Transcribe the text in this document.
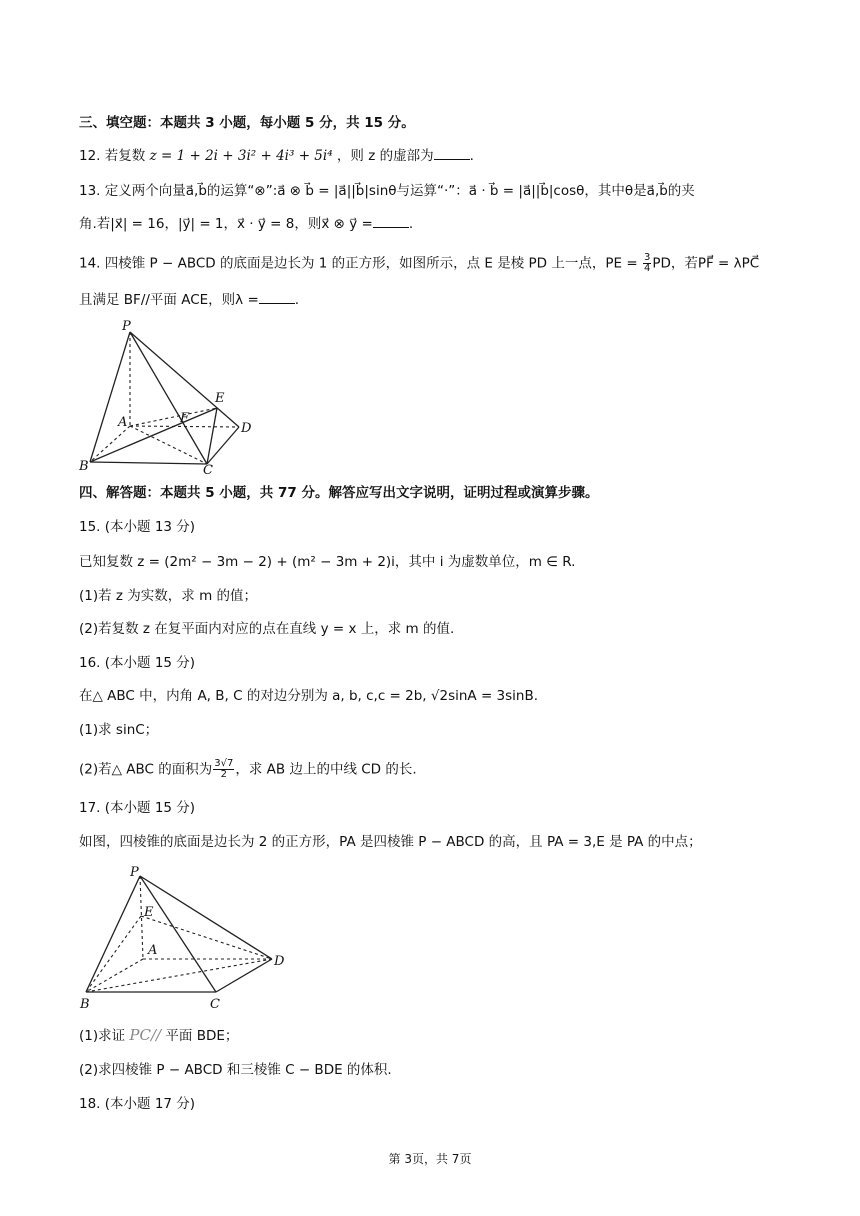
三、填空题：本题共 3 小题，每小题 5 分，共 15 分。
12. 若复数 z = 1 + 2i + 3i² + 4i³ + 5i⁴ ，则 z 的虚部为	.
13. 定义两个向量a⃗,b⃗的运算“⊗”:a⃗ ⊗ b⃗ = |a⃗||b⃗|sinθ与运算“·”：a⃗ · b⃗ = |a⃗||b⃗|cosθ，其中θ是a⃗,b⃗的夹
角.若|x⃗| = 16，|y⃗| = 1，x⃗ · y⃗ = 8，则x⃗ ⊗ y⃗ =	.
14. 四棱锥 P − ABCD 的底面是边长为 1 的正方形，如图所示，点 E 是棱 PD 上一点，PE = $\frac{3}{4}$ PD，若PF⃗ = λPC⃗
且满足 BF//平面 ACE，则λ =	.
P
A
B	C
D
E
F
四、解答题：本题共 5 小题，共 77 分。解答应写出文字说明，证明过程或演算步骤。
15. (本小题 13 分)
已知复数 z = (2m² − 3m − 2) + (m² − 3m + 2)i，其中 i 为虚数单位，m ∈ R.
(1)若 z 为实数，求 m 的值；
(2)若复数 z 在复平面内对应的点在直线 y = x 上，求 m 的值.
16. (本小题 15 分)
在△ ABC 中，内角 A, B, C 的对边分别为 a, b, c,c = 2b, √2sinA = 3sinB.
(1)求 sinC；
(2)若△ ABC 的面积为 $\frac{3√7}{2}$ ，求 AB 边上的中线 CD 的长.
17. (本小题 15 分)
如图，四棱锥的底面是边长为 2 的正方形，PA 是四棱锥 P − ABCD 的高，且 PA = 3,E 是 PA 的中点；
P
E
A
B	C
D
(1)求证 PC// 平面 BDE；
(2)求四棱锥 P − ABCD 和三棱锥 C − BDE 的体积.
18. (本小题 17 分)
第 3页，共 7页
